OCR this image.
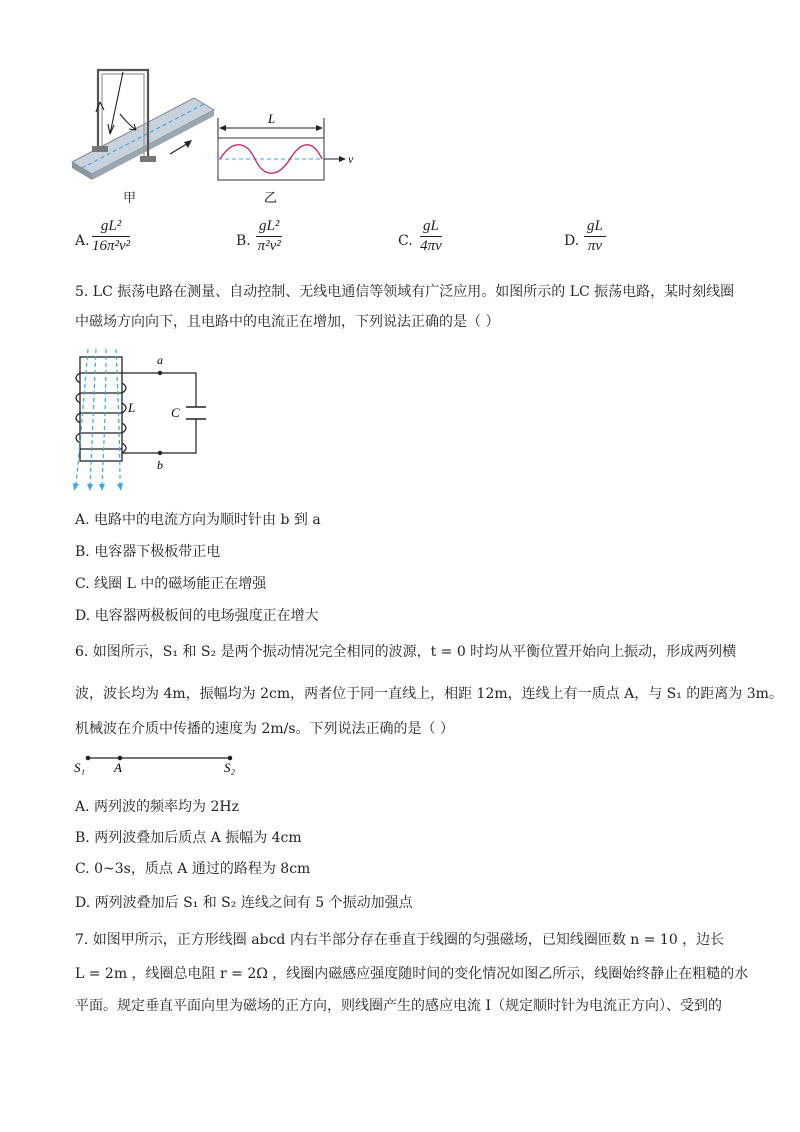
甲
L
v
乙
A. $\frac{\text{gL²}}{\text{16π²v²}}$	B. $\frac{\text{gL²}}{\text{π²v²}}$	C. $\frac{gL}{4\pi v}$	D. $\frac{gL}{\pi v}$
5. LC 振荡电路在测量、自动控制、无线电通信等领域有广泛应用。如图所示的 LC 振荡电路，某时刻线圈
中磁场方向向下，且电路中的电流正在增加，下列说法正确的是（ ）
a
b
L	C
A. 电路中的电流方向为顺时针由 b 到 a
B. 电容器下极板带正电
C. 线圈 L 中的磁场能正在增强
D. 电容器两极板间的电场强度正在增大
6. 如图所示，S₁ 和 S₂ 是两个振动情况完全相同的波源，t = 0 时均从平衡位置开始向上振动，形成两列横
波，波长均为 4m，振幅均为 2cm，两者位于同一直线上，相距 12m，连线上有一质点 A，与 S₁ 的距离为 3m。
机械波在介质中传播的速度为 2m/s。下列说法正确的是（ ）
S₁ A	S₂
A. 两列波的频率均为 2Hz
B. 两列波叠加后质点 A 振幅为 4cm
C. 0~3s，质点 A 通过的路程为 8cm
D. 两列波叠加后 S₁ 和 S₂ 连线之间有 5 个振动加强点
7. 如图甲所示，正方形线圈 abcd 内右半部分存在垂直于线圈的匀强磁场，已知线圈匝数 n = 10 ，边长
L = 2m ，线圈总电阻 r = 2Ω ，线圈内磁感应强度随时间的变化情况如图乙所示，线圈始终静止在粗糙的水
平面。规定垂直平面向里为磁场的正方向，则线圈产生的感应电流 I（规定顺时针为电流正方向）、受到的
